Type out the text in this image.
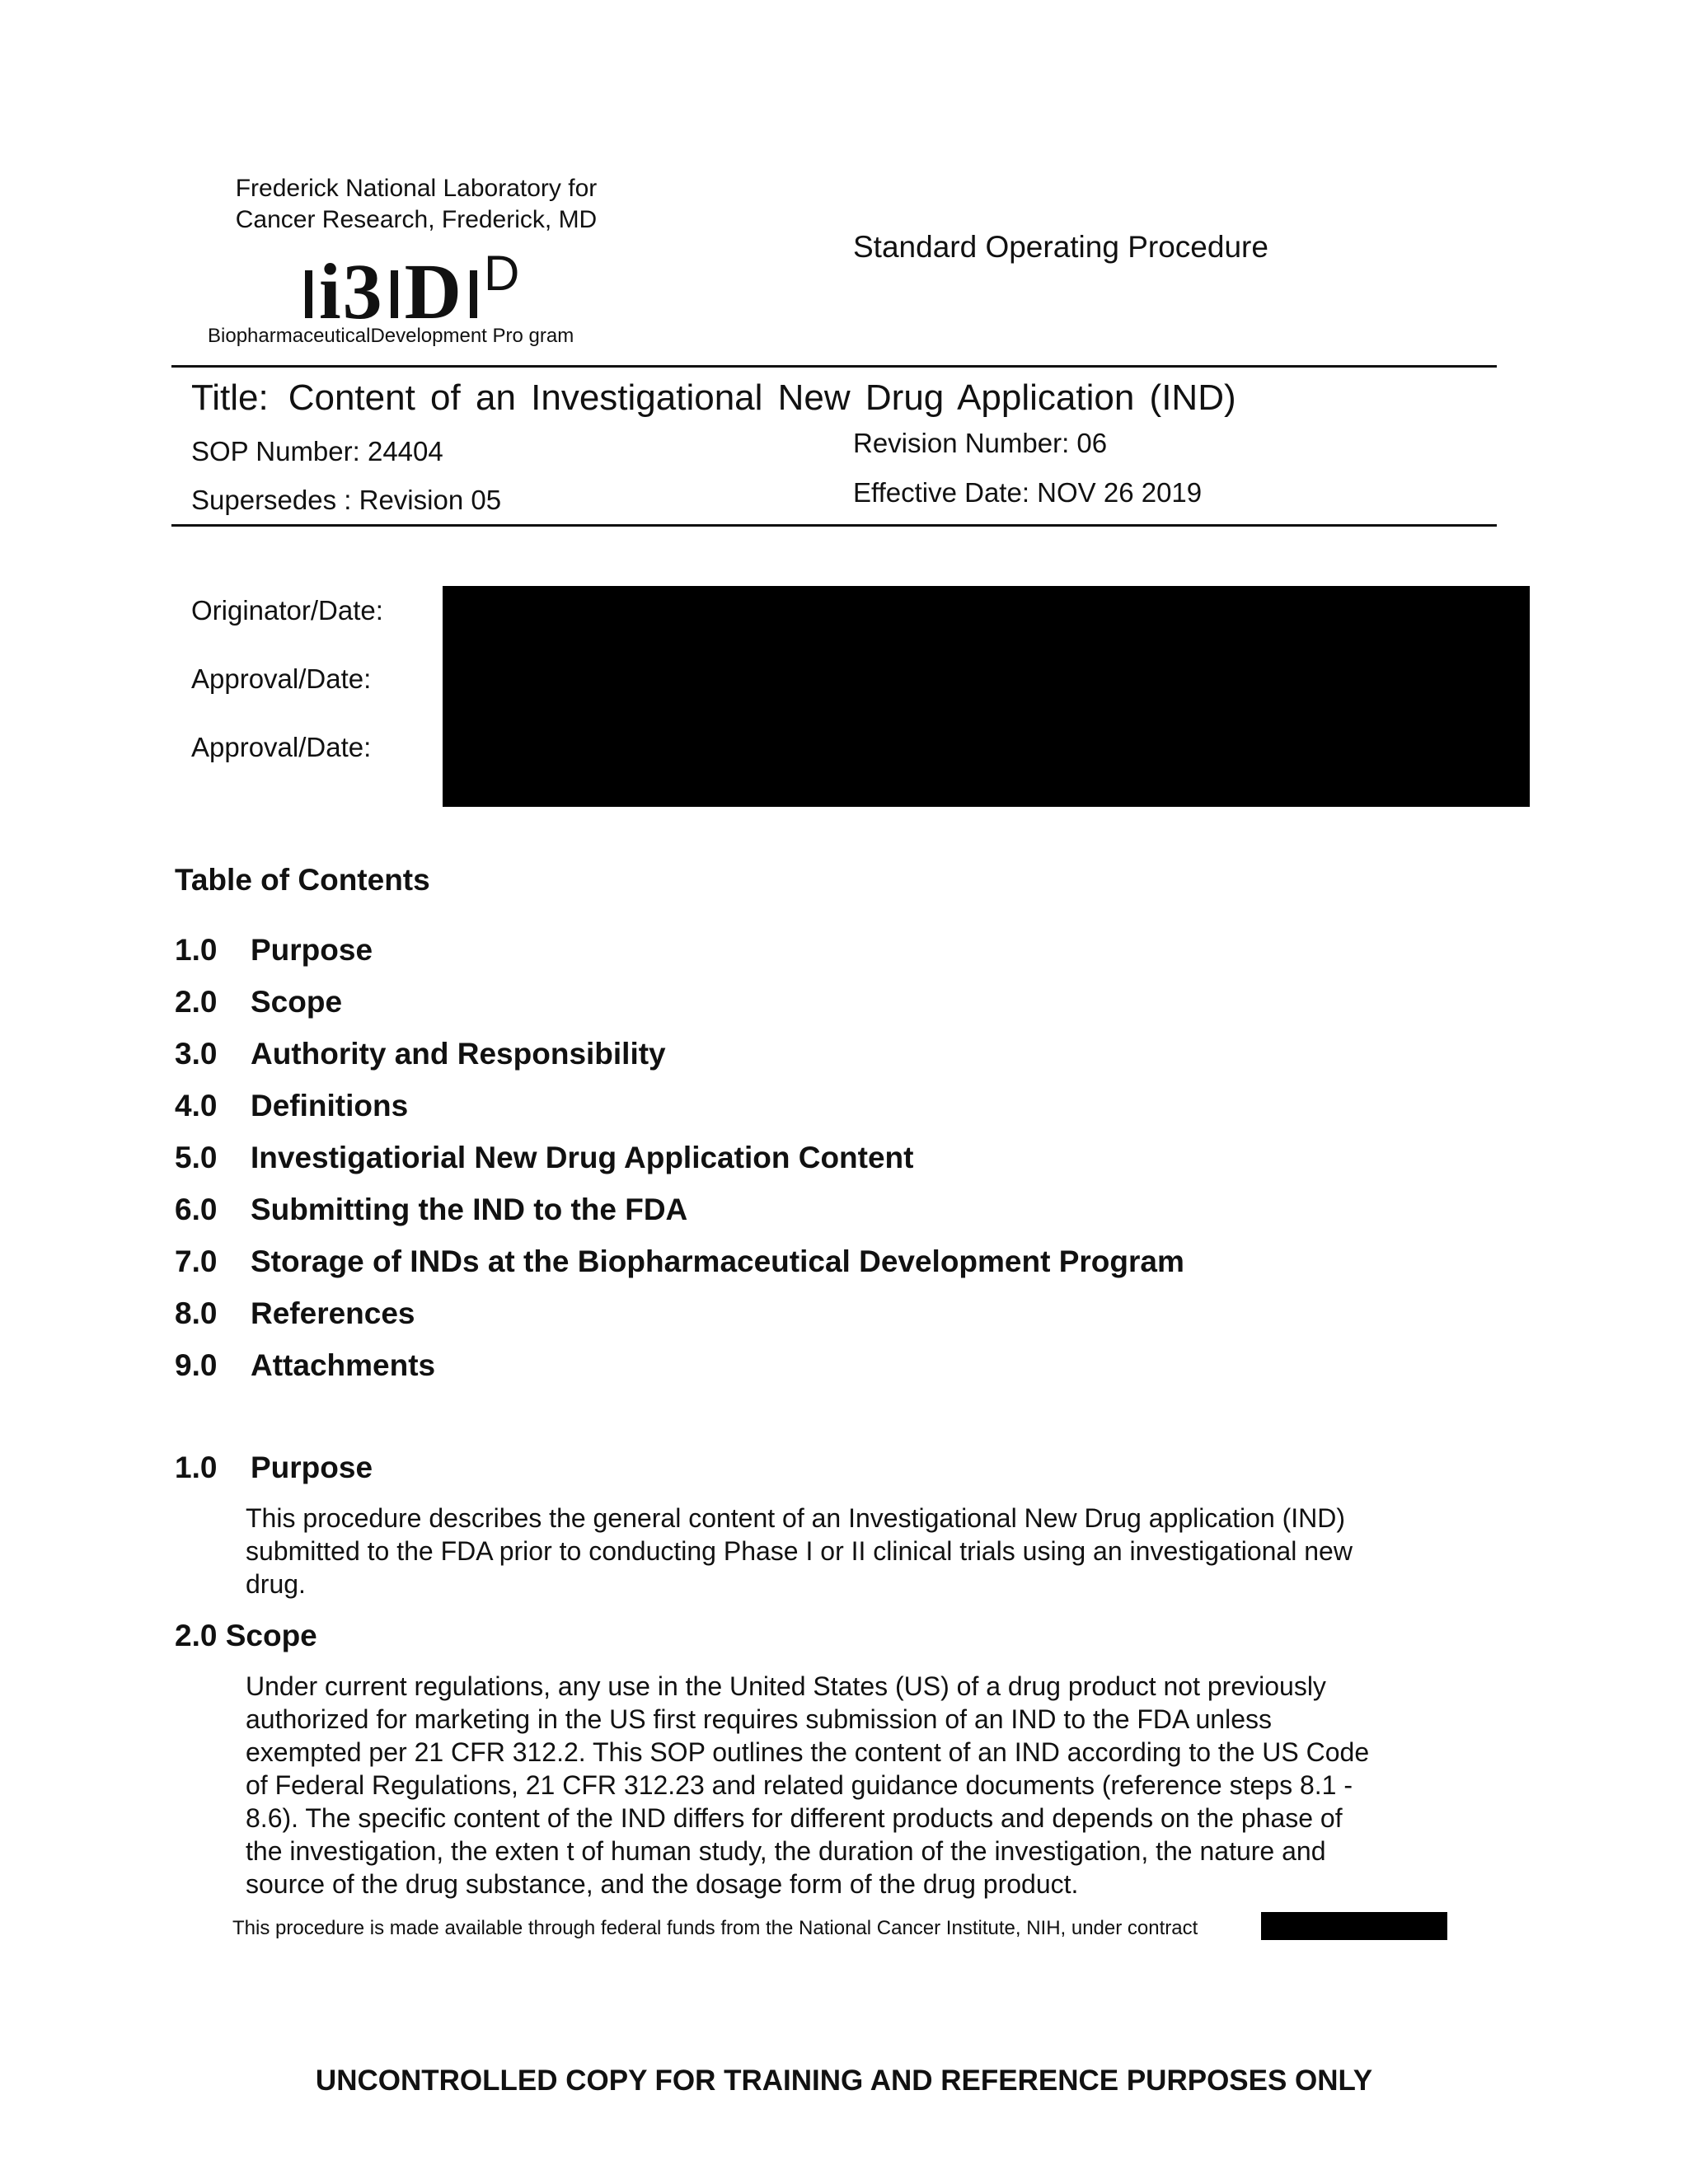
Frederick National Laboratory for
Cancer Research, Frederick, MD
i3 D $^D$
BiopharmaceuticalDevelopment Pro gram
Standard Operating Procedure
Title: Content of an Investigational New Drug Application (IND)
SOP Number: 24404	Revision Number: 06
Supersedes : Revision 05	Effective Date: NOV 26 2019
Originator/Date:
Approval/Date:
Approval/Date:
Table of Contents
1.0 Purpose
2.0 Scope
3.0 Authority and Responsibility
4.0 Definitions
5.0 Investigatiorial New Drug Application Content
6.0 Submitting the IND to the FDA
7.0 Storage of INDs at the Biopharmaceutical Development Program
8.0 References
9.0 Attachments
1.0 Purpose
This procedure describes the general content of an Investigational New Drug application (IND)
submitted to the FDA prior to conducting Phase I or II clinical trials using an investigational new
drug.
2.0 Scope
Under current regulations, any use in the United States (US) of a drug product not previously
authorized for marketing in the US first requires submission of an IND to the FDA unless
exempted per 21 CFR 312.2. This SOP outlines the content of an IND according to the US Code
of Federal Regulations, 21 CFR 312.23 and related guidance documents (reference steps 8.1 -
8.6). The specific content of the IND differs for different products and depends on the phase of
the investigation, the exten t of human study, the duration of the investigation, the nature and
source of the drug substance, and the dosage form of the drug product.
This procedure is made available through federal funds from the National Cancer Institute, NIH, under contract
UNCONTROLLED COPY FOR TRAINING AND REFERENCE PURPOSES ONLY
